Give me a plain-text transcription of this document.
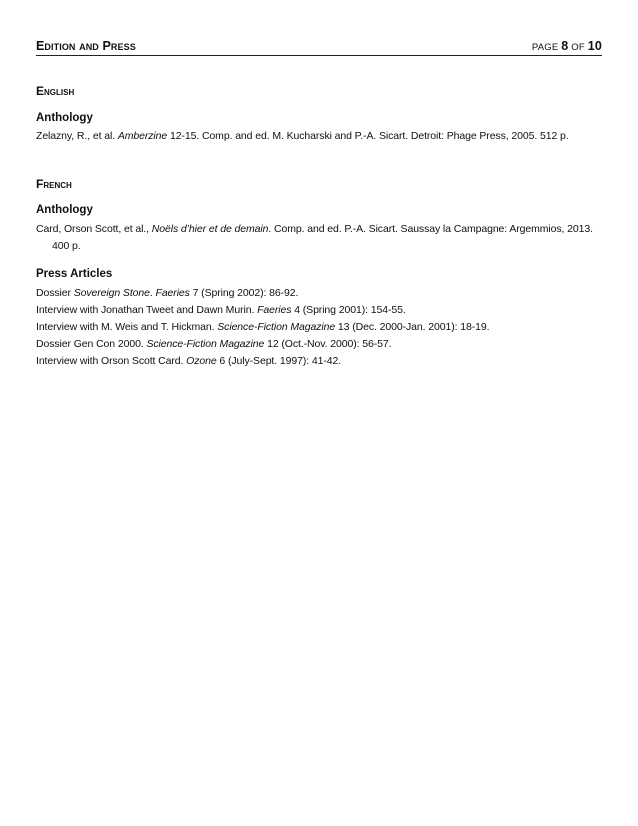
Edition and Press	PAGE 8 OF 10
English
Anthology
Zelazny, R., et al. Amberzine 12-15. Comp. and ed. M. Kucharski and P.-A. Sicart. Detroit: Phage Press, 2005. 512 p.
French
Anthology
Card, Orson Scott, et al., Noëls d’hier et de demain. Comp. and ed. P.-A. Sicart. Saussay la Campagne: Argemmios, 2013. 400 p.
Press Articles
Dossier Sovereign Stone. Faeries 7 (Spring 2002): 86-92.
Interview with Jonathan Tweet and Dawn Murin. Faeries 4 (Spring 2001): 154-55.
Interview with M. Weis and T. Hickman. Science-Fiction Magazine 13 (Dec. 2000-Jan. 2001): 18-19.
Dossier Gen Con 2000. Science-Fiction Magazine 12 (Oct.-Nov. 2000): 56-57.
Interview with Orson Scott Card. Ozone 6 (July-Sept. 1997): 41-42.
